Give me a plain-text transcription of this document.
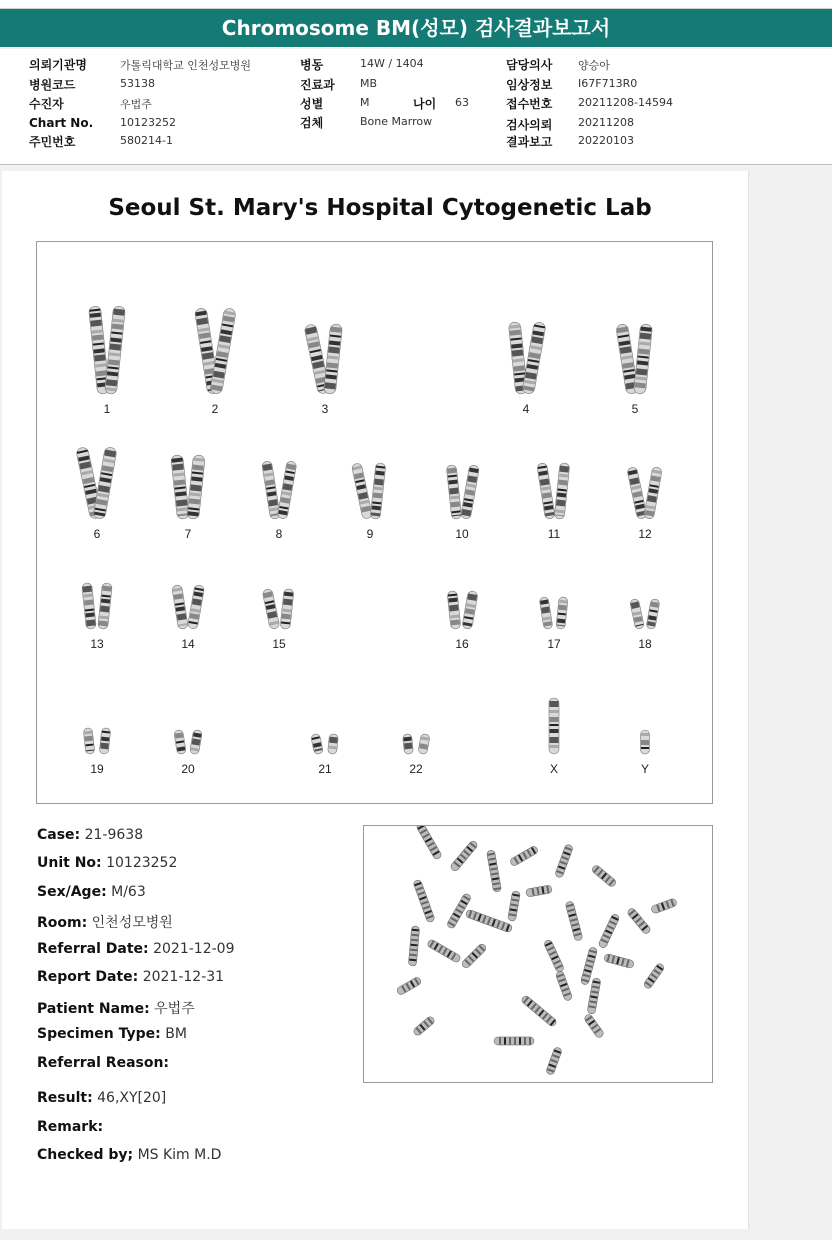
Chromosome BM(성모) 검사결과보고서
의뢰기관명	가톨릭대학교 인천성모병원
병원코드	53138
수진자	우법주
Chart No. 10123252
주민번호	580214-1
병동	14W / 1404
진료과 MB
성별	M	나이 63
검체	Bone Marrow
담당의사 양승아
임상정보 I67F713R0
접수번호 20211208-14594
검사의뢰 20211208
결과보고 20220103
Seoul St. Mary's Hospital Cytogenetic Lab
1	2	3	4	5
6	7	8	9	10	11	12
13	14	15	16	17	18
19	20	21	22	X	Y
Case: 21-9638
Unit No: 10123252
Sex/Age: M/63
Room: 인천성모병원
Referral Date: 2021-12-09
Report Date: 2021-12-31
Patient Name: 우법주
Specimen Type: BM
Referral Reason:
Result: 46,XY[20]
Remark:
Checked by; MS Kim M.D
